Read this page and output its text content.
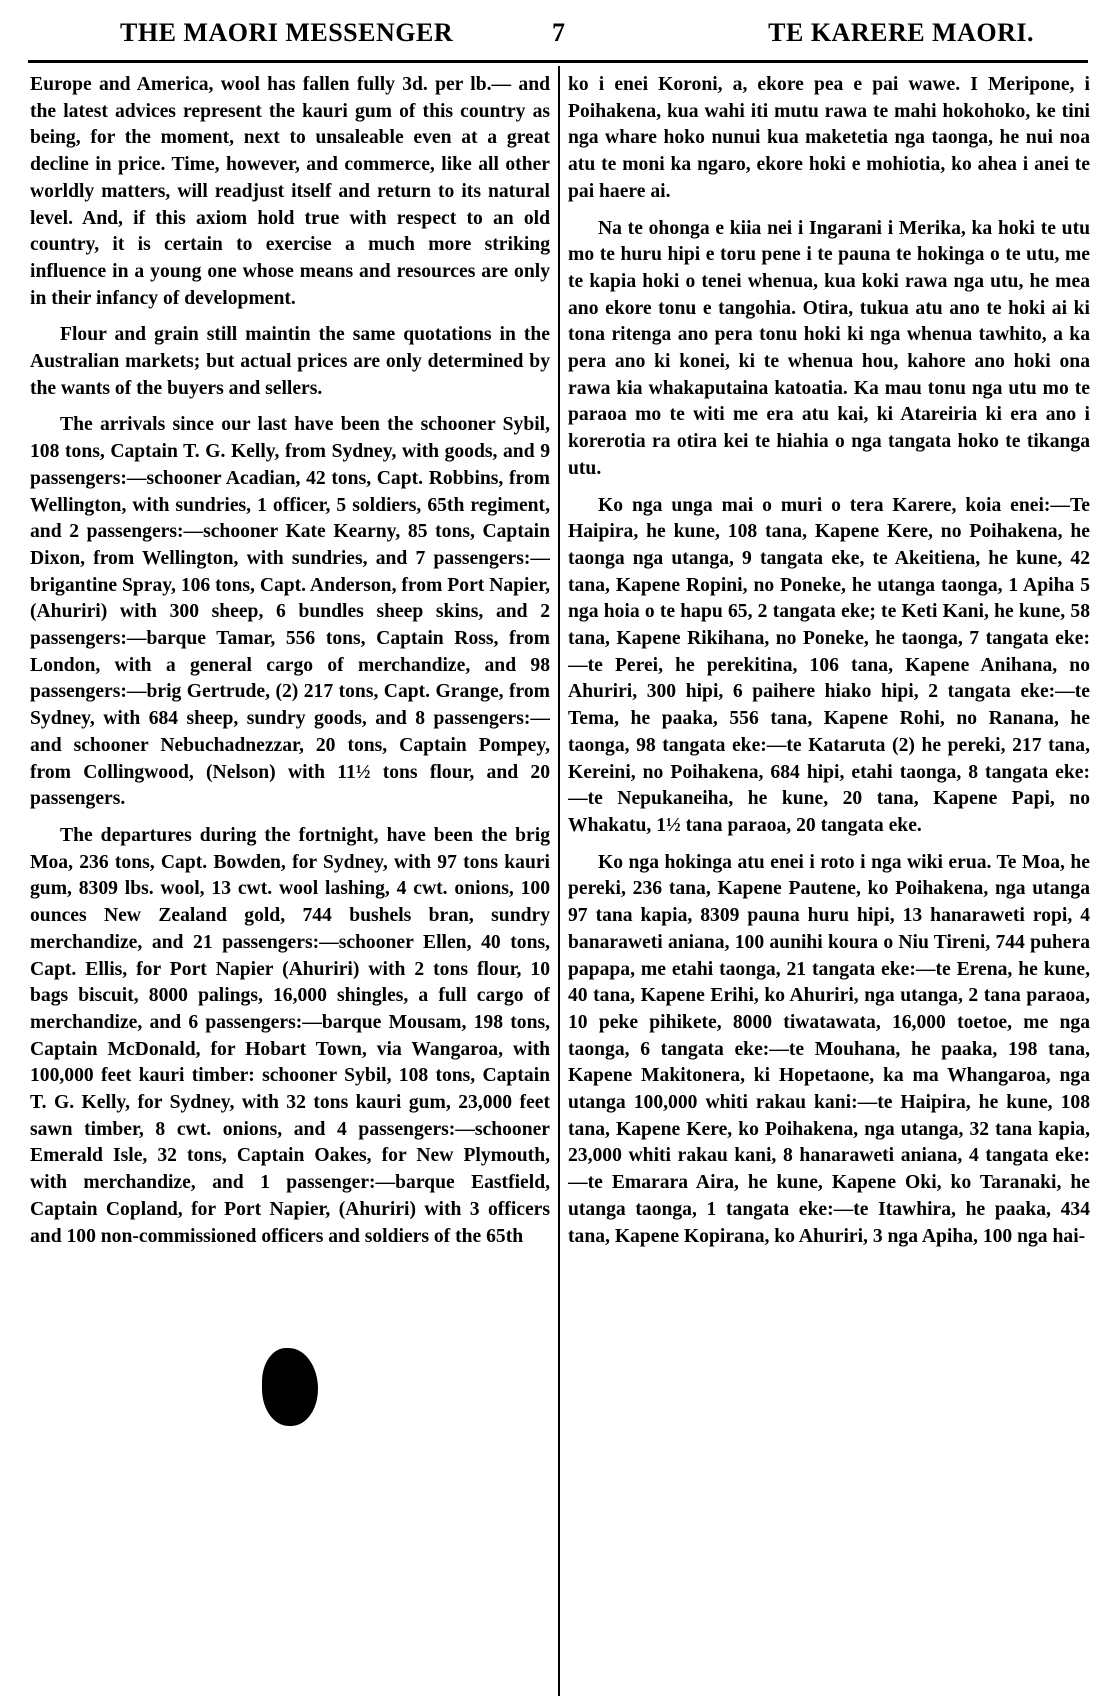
THE MAORI MESSENGER	7	TE KARERE MAORI.

Europe and America, wool has fallen fully 3d. per lb.— and the latest advices represent the kauri gum of this country as being, for the moment, next to unsaleable even at a great decline in price. Time, however, and commerce, like all other worldly matters, will readjust itself and return to its natural level. And, if this axiom hold true with respect to an old country, it is certain to exercise a much more striking influence in a young one whose means and resources are only in their infancy of development.

Flour and grain still maintin the same quotations in the Australian markets; but actual prices are only determined by the wants of the buyers and sellers.

The arrivals since our last have been the schooner Sybil, 108 tons, Captain T. G. Kelly, from Sydney, with goods, and 9 passengers:—schooner Acadian, 42 tons, Capt. Robbins, from Wellington, with sundries, 1 officer, 5 soldiers, 65th regiment, and 2 passengers:—schooner Kate Kearny, 85 tons, Captain Dixon, from Wellington, with sundries, and 7 passengers:—brigantine Spray, 106 tons, Capt. Anderson, from Port Napier, (Ahuriri) with 300 sheep, 6 bundles sheep skins, and 2 passengers:—barque Tamar, 556 tons, Captain Ross, from London, with a general cargo of merchandize, and 98 passengers:—brig Gertrude, (2) 217 tons, Capt. Grange, from Sydney, with 684 sheep, sundry goods, and 8 passengers:—and schooner Nebuchadnezzar, 20 tons, Captain Pompey, from Collingwood, (Nelson) with 11½ tons flour, and 20 passengers.

The departures during the fortnight, have been the brig Moa, 236 tons, Capt. Bowden, for Sydney, with 97 tons kauri gum, 8309 lbs. wool, 13 cwt. wool lashing, 4 cwt. onions, 100 ounces New Zealand gold, 744 bushels bran, sundry merchandize, and 21 passengers:—schooner Ellen, 40 tons, Capt. Ellis, for Port Napier (Ahuriri) with 2 tons flour, 10 bags biscuit, 8000 palings, 16,000 shingles, a full cargo of merchandize, and 6 passengers:—barque Mousam, 198 tons, Captain McDonald, for Hobart Town, via Wangaroa, with 100,000 feet kauri timber: schooner Sybil, 108 tons, Captain T. G. Kelly, for Sydney, with 32 tons kauri gum, 23,000 feet sawn timber, 8 cwt. onions, and 4 passengers:—schooner Emerald Isle, 32 tons, Captain Oakes, for New Plymouth, with merchandize, and 1 passenger:—barque Eastfield, Captain Copland, for Port Napier, (Ahuriri) with 3 officers and 100 non-commissioned officers and soldiers of the 65th

ko i enei Koroni, a, ekore pea e pai wawe. I Meripone, i Poihakena, kua wahi iti mutu rawa te mahi hokohoko, ke tini nga whare hoko nunui kua maketetia nga taonga, he nui noa atu te moni ka ngaro, ekore hoki e mohiotia, ko ahea i anei te pai haere ai.

Na te ohonga e kiia nei i Ingarani i Merika, ka hoki te utu mo te huru hipi e toru pene i te pauna te hokinga o te utu, me te kapia hoki o tenei whenua, kua koki rawa nga utu, he mea ano ekore tonu e tangohia. Otira, tukua atu ano te hoki ai ki tona ritenga ano pera tonu hoki ki nga whenua tawhito, a ka pera ano ki konei, ki te whenua hou, kahore ano hoki ona rawa kia whakaputaina katoatia. Ka mau tonu nga utu mo te paraoa mo te witi me era atu kai, ki Atareiria ki era ano i korerotia ra otira kei te hiahia o nga tangata hoko te tikanga utu.

Ko nga unga mai o muri o tera Karere, koia enei:—Te Haipira, he kune, 108 tana, Kapene Kere, no Poihakena, he taonga nga utanga, 9 tangata eke, te Akeitiena, he kune, 42 tana, Kapene Ropini, no Poneke, he utanga taonga, 1 Apiha 5 nga hoia o te hapu 65, 2 tangata eke; te Keti Kani, he kune, 58 tana, Kapene Rikihana, no Poneke, he taonga, 7 tangata eke:—te Perei, he perekitina, 106 tana, Kapene Anihana, no Ahuriri, 300 hipi, 6 paihere hiako hipi, 2 tangata eke:—te Tema, he paaka, 556 tana, Kapene Rohi, no Ranana, he taonga, 98 tangata eke:—te Kataruta (2) he pereki, 217 tana, Kereini, no Poihakena, 684 hipi, etahi taonga, 8 tangata eke:—te Nepukaneiha, he kune, 20 tana, Kapene Papi, no Whakatu, 1½ tana paraoa, 20 tangata eke.

Ko nga hokinga atu enei i roto i nga wiki erua. Te Moa, he pereki, 236 tana, Kapene Pautene, ko Poihakena, nga utanga 97 tana kapia, 8309 pauna huru hipi, 13 hanaraweti ropi, 4 banaraweti aniana, 100 aunihi koura o Niu Tireni, 744 puhera papapa, me etahi taonga, 21 tangata eke:—te Erena, he kune, 40 tana, Kapene Erihi, ko Ahuriri, nga utanga, 2 tana paraoa, 10 peke pihikete, 8000 tiwatawata, 16,000 toetoe, me nga taonga, 6 tangata eke:—te Mouhana, he paaka, 198 tana, Kapene Makitonera, ki Hopetaone, ka ma Whangaroa, nga utanga 100,000 whiti rakau kani:—te Haipira, he kune, 108 tana, Kapene Kere, ko Poihakena, nga utanga, 32 tana kapia, 23,000 whiti rakau kani, 8 hanaraweti aniana, 4 tangata eke:—te Emarara Aira, he kune, Kapene Oki, ko Taranaki, he utanga taonga, 1 tangata eke:—te Itawhira, he paaka, 434 tana, Kapene Kopirana, ko Ahuriri, 3 nga Apiha, 100 nga hai-
